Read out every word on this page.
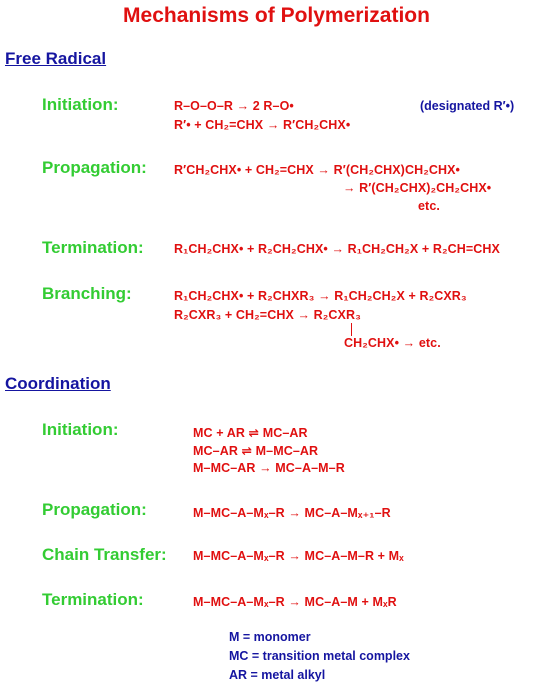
Mechanisms of Polymerization
Free Radical
Initiation:	R–O–O–R → 2 R–O•
R′• + CH₂=CHX → R′CH₂CHX•
(designated R′•)
Propagation: R′CH₂CHX• + CH₂=CHX → R′(CH₂CHX)CH₂CHX•
→ R′(CH₂CHX)₂CH₂CHX•
etc.
Termination: R₁CH₂CHX• + R₂CH₂CHX• → R₁CH₂CH₂X + R₂CH=CHX
Branching:	R₁CH₂CHX• + R₂CHXR₃ → R₁CH₂CH₂X + R₂CXR₃
R₂CXR₃ + CH₂=CHX → R₂CXR₃
CH₂CHX• → etc.
Coordination
Initiation:	MC + AR ⇌ MC–AR
MC–AR ⇌ M–MC–AR
M–MC–AR → MC–A–M–R
Propagation:	M–MC–A–Mₓ–R → MC–A–Mₓ₊₁–R
Chain Transfer: M–MC–A–Mₓ–R → MC–A–M–R + Mₓ
Termination:	M–MC–A–Mₓ–R → MC–A–M + MₓR
M = monomer
MC = transition metal complex
AR = metal alkyl
